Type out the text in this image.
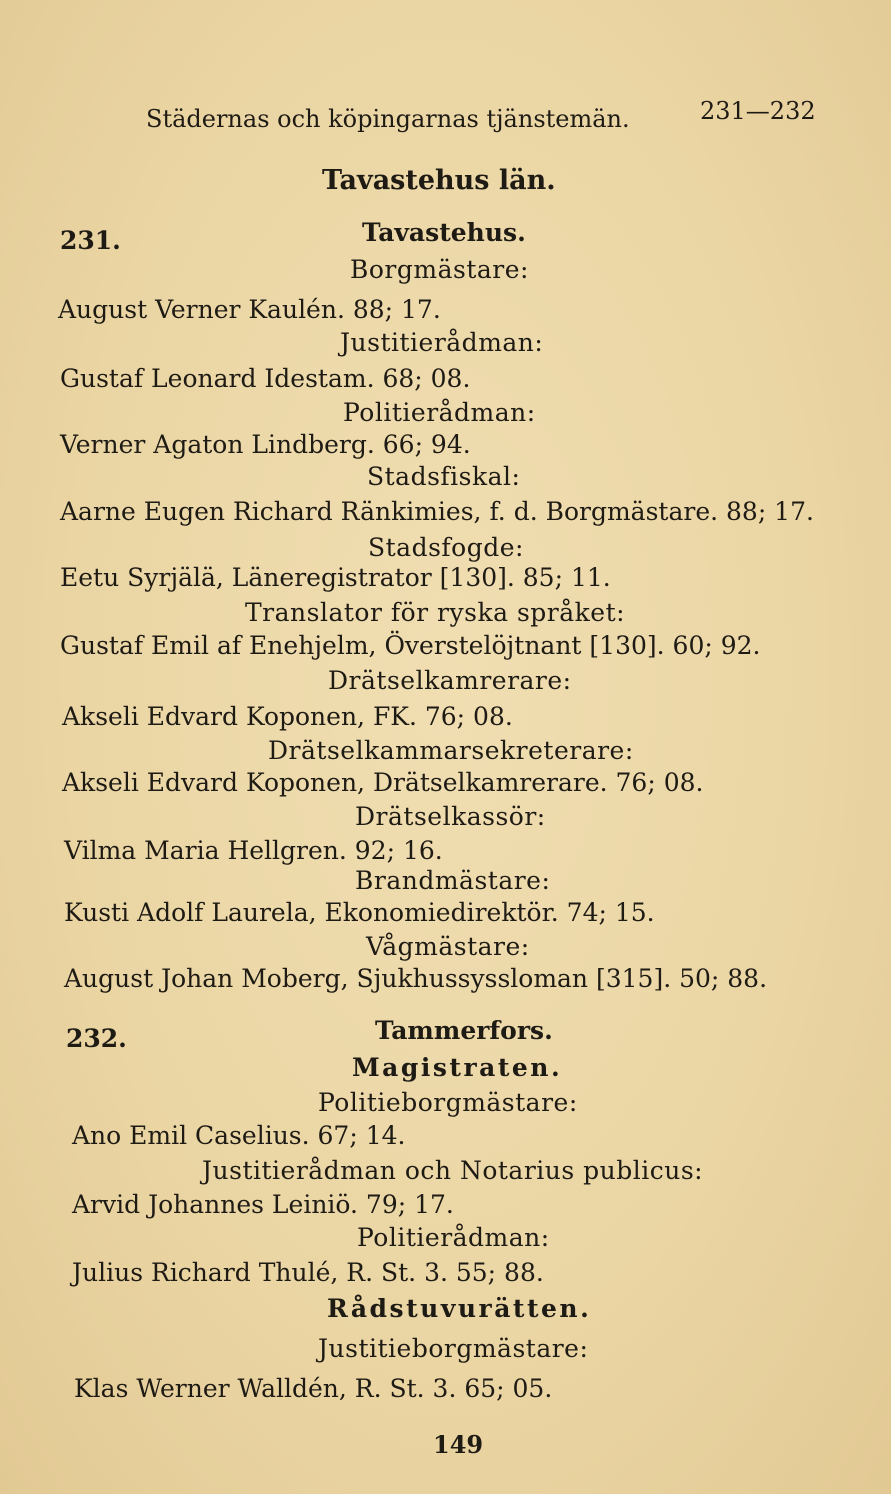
Städernas och köpingarnas tjänstemän.	231—232
Tavastehus län.
231.	Tavastehus.
Borgmästare:
August Verner Kaulén. 88; 17.
Justitierådman:
Gustaf Leonard Idestam. 68; 08.
Politierådman:
Verner Agaton Lindberg. 66; 94.
Stadsfiskal:
Aarne Eugen Richard Ränkimies, f. d. Borgmästare. 88; 17.
Stadsfogde:
Eetu Syrjälä, Läneregistrator [130]. 85; 11.
Translator för ryska språket:
Gustaf Emil af Enehjelm, Överstelöjtnant [130]. 60; 92.
Drätselkamrerare:
Akseli Edvard Koponen, FK. 76; 08.
Drätselkammarsekreterare:
Akseli Edvard Koponen, Drätselkamrerare. 76; 08.
Drätselkassör:
Vilma Maria Hellgren. 92; 16.
Brandmästare:
Kusti Adolf Laurela, Ekonomiedirektör. 74; 15.
Vågmästare:
August Johan Moberg, Sjukhussyssloman [315]. 50; 88.
232.	Tammerfors.
Magistraten.
Politieborgmästare:
Ano Emil Caselius. 67; 14.
Justitierådman och Notarius publicus:
Arvid Johannes Leiniö. 79; 17.
Politierådman:
Julius Richard Thulé, R. St. 3. 55; 88.
Rådstuvurätten.
Justitieborgmästare:
Klas Werner Walldén, R. St. 3. 65; 05.
149
